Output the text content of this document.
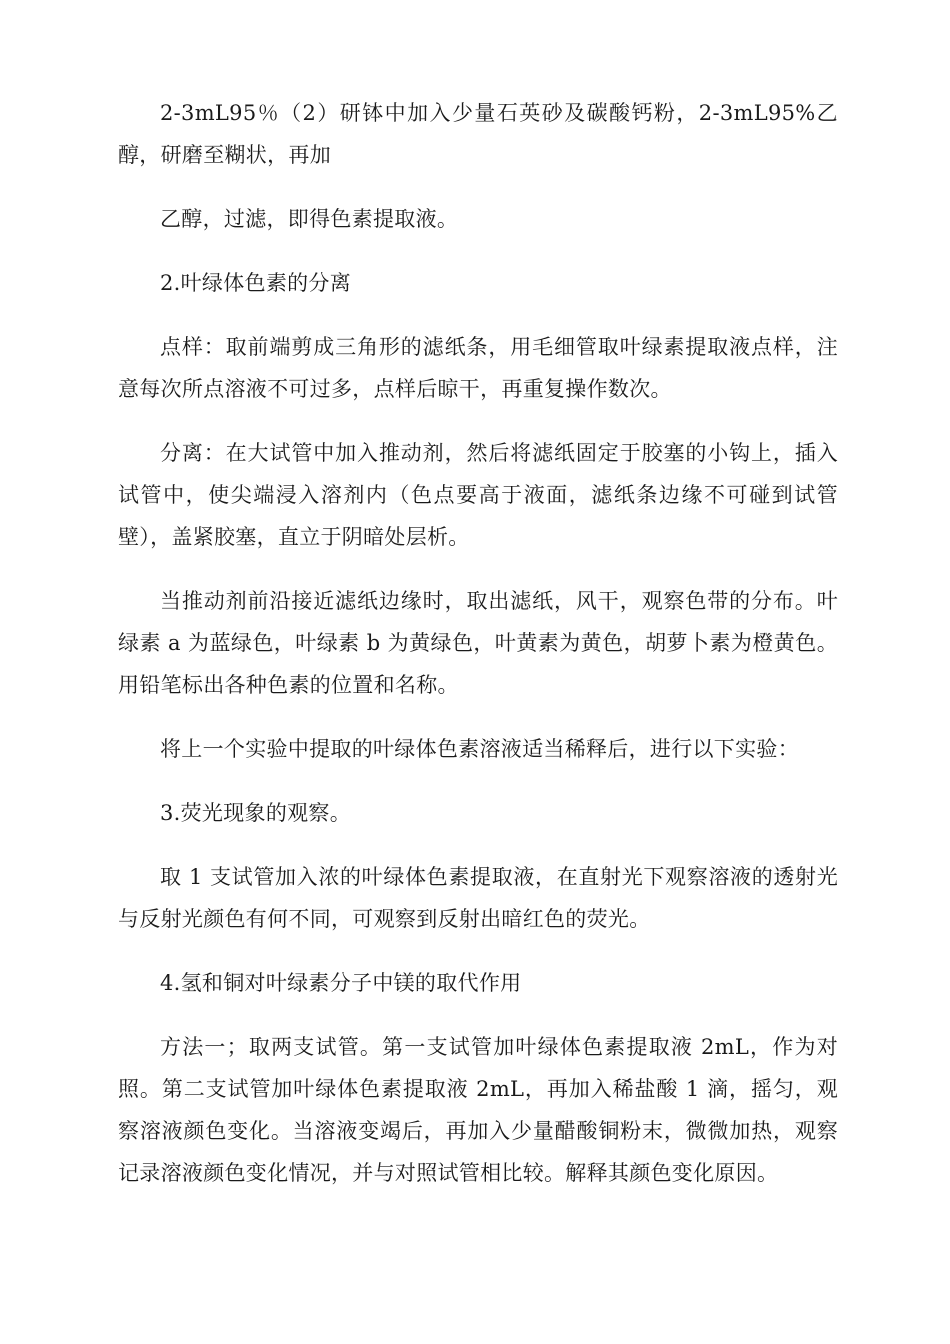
2-3mL95％（2）研钵中加入少量石英砂及碳酸钙粉，2-3mL95%乙醇，研磨至糊状，再加

乙醇，过滤，即得色素提取液。

2.叶绿体色素的分离

点样：取前端剪成三角形的滤纸条，用毛细管取叶绿素提取液点样，注意每次所点溶液不可过多，点样后晾干，再重复操作数次。

分离：在大试管中加入推动剂，然后将滤纸固定于胶塞的小钩上，插入试管中，使尖端浸入溶剂内（色点要高于液面，滤纸条边缘不可碰到试管壁），盖紧胶塞，直立于阴暗处层析。

当推动剂前沿接近滤纸边缘时，取出滤纸，风干，观察色带的分布。叶绿素 a 为蓝绿色，叶绿素 b 为黄绿色，叶黄素为黄色，胡萝卜素为橙黄色。用铅笔标出各种色素的位置和名称。

将上一个实验中提取的叶绿体色素溶液适当稀释后，进行以下实验：

3.荧光现象的观察。

取 1 支试管加入浓的叶绿体色素提取液，在直射光下观察溶液的透射光与反射光颜色有何不同，可观察到反射出暗红色的荧光。

4.氢和铜对叶绿素分子中镁的取代作用

方法一；取两支试管。第一支试管加叶绿体色素提取液 2mL，作为对照。第二支试管加叶绿体色素提取液 2mL，再加入稀盐酸 1 滴，摇匀，观察溶液颜色变化。当溶液变竭后，再加入少量醋酸铜粉末，微微加热，观察记录溶液颜色变化情况，并与对照试管相比较。解释其颜色变化原因。
